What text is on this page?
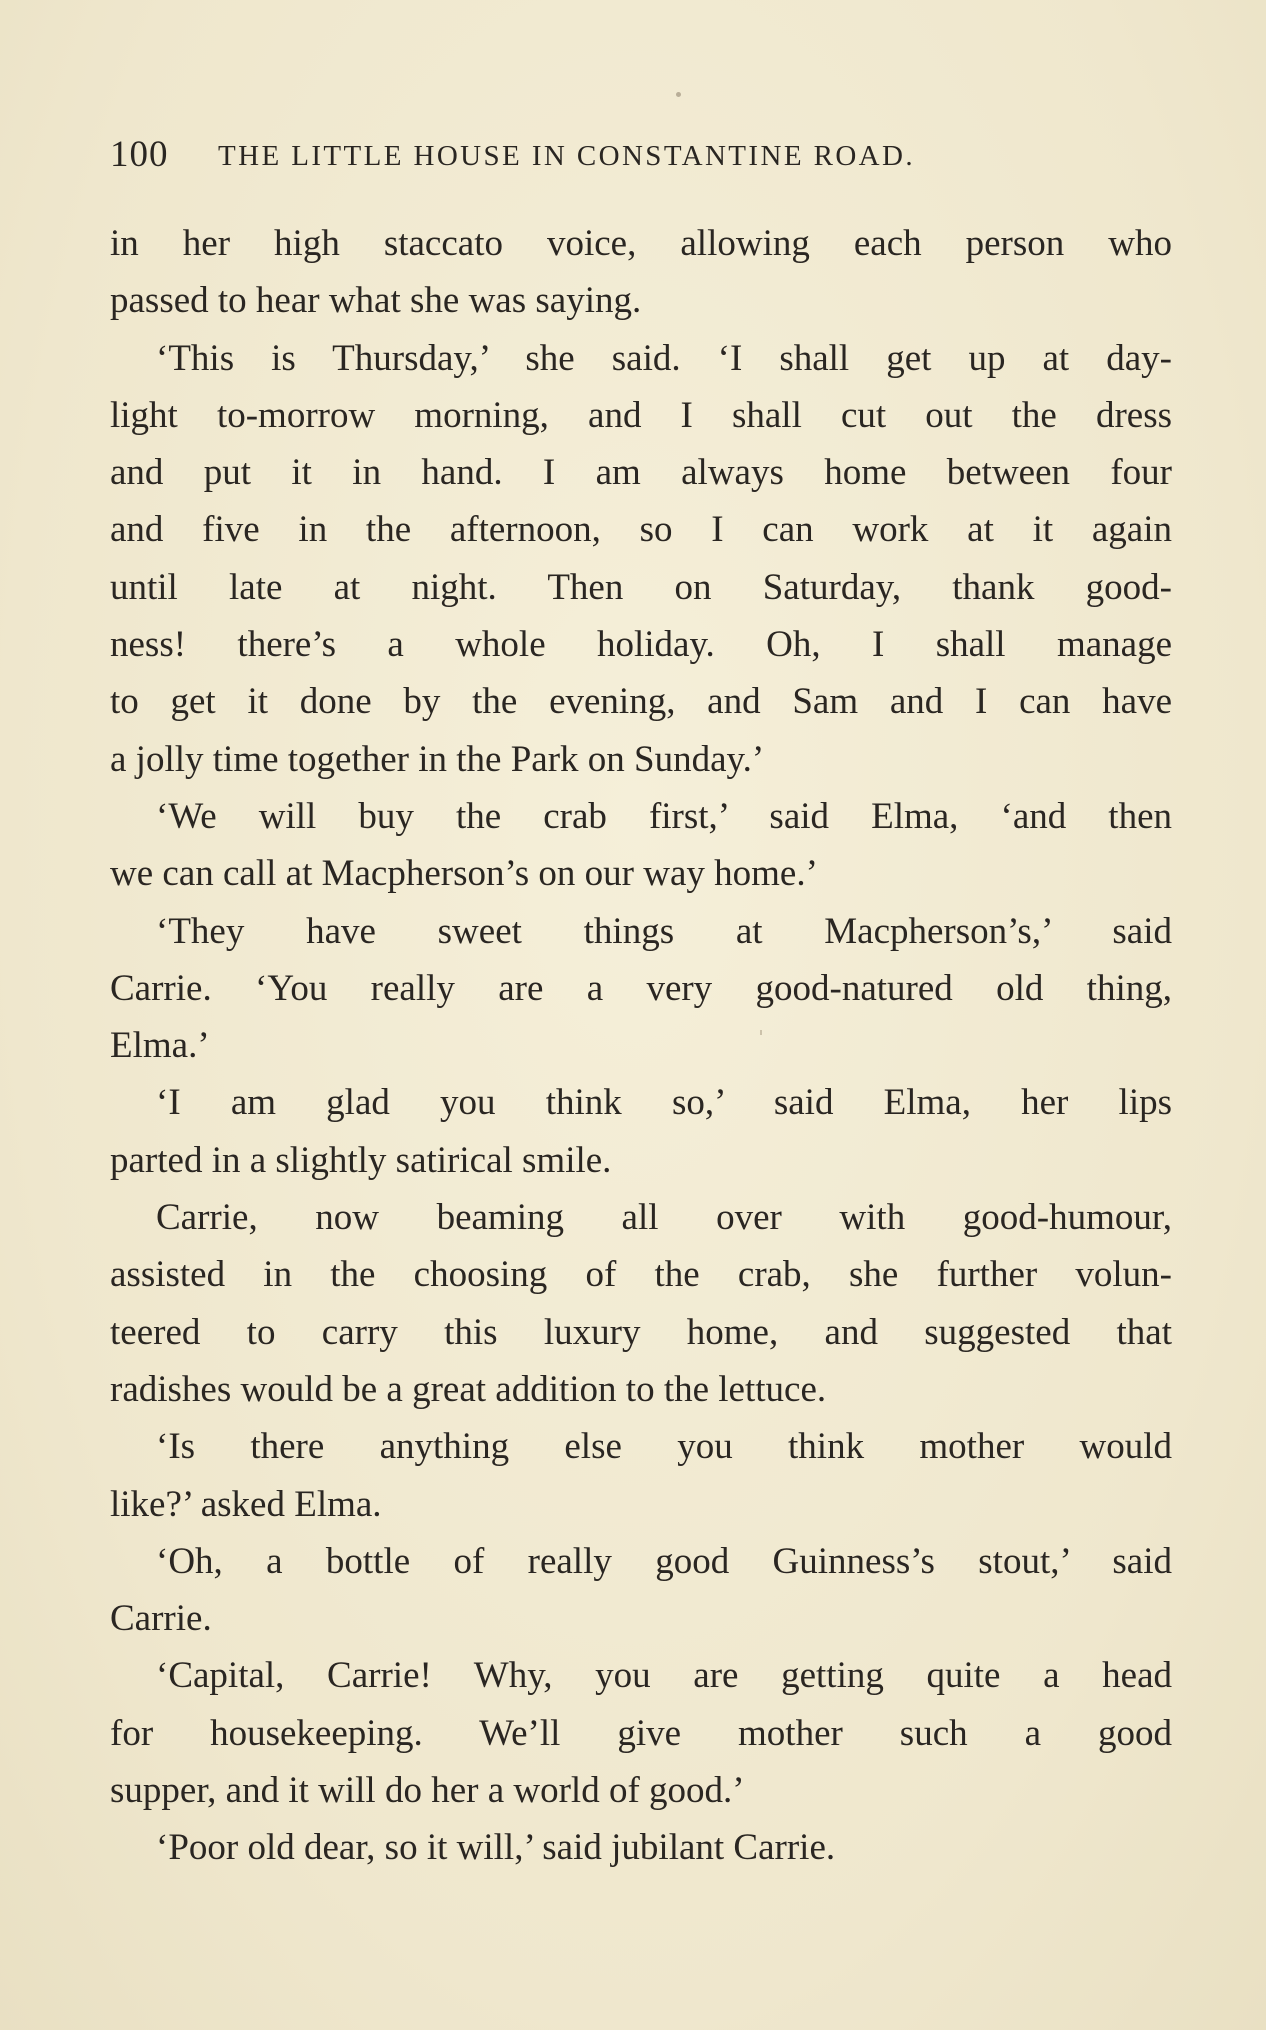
100 THE LITTLE HOUSE IN CONSTANTINE ROAD.
in her high staccato voice, allowing each person who
passed to hear what she was saying.
‘This is Thursday,’ she said. ‘I shall get up at day-
light to-morrow morning, and I shall cut out the dress
and put it in hand. I am always home between four
and five in the afternoon, so I can work at it again
until late at night. Then on Saturday, thank good-
ness! there’s a whole holiday. Oh, I shall manage
to get it done by the evening, and Sam and I can have
a jolly time together in the Park on Sunday.’
‘We will buy the crab first,’ said Elma, ‘and then
we can call at Macpherson’s on our way home.’
‘They have sweet things at Macpherson’s,’ said
Carrie. ‘You really are a very good-natured old thing,
Elma.’
‘I am glad you think so,’ said Elma, her lips
parted in a slightly satirical smile.
Carrie, now beaming all over with good-humour,
assisted in the choosing of the crab, she further volun-
teered to carry this luxury home, and suggested that
radishes would be a great addition to the lettuce.
‘Is there anything else you think mother would
like?’ asked Elma.
‘Oh, a bottle of really good Guinness’s stout,’ said
Carrie.
‘Capital, Carrie! Why, you are getting quite a head
for housekeeping. We’ll give mother such a good
supper, and it will do her a world of good.’
‘Poor old dear, so it will,’ said jubilant Carrie.
